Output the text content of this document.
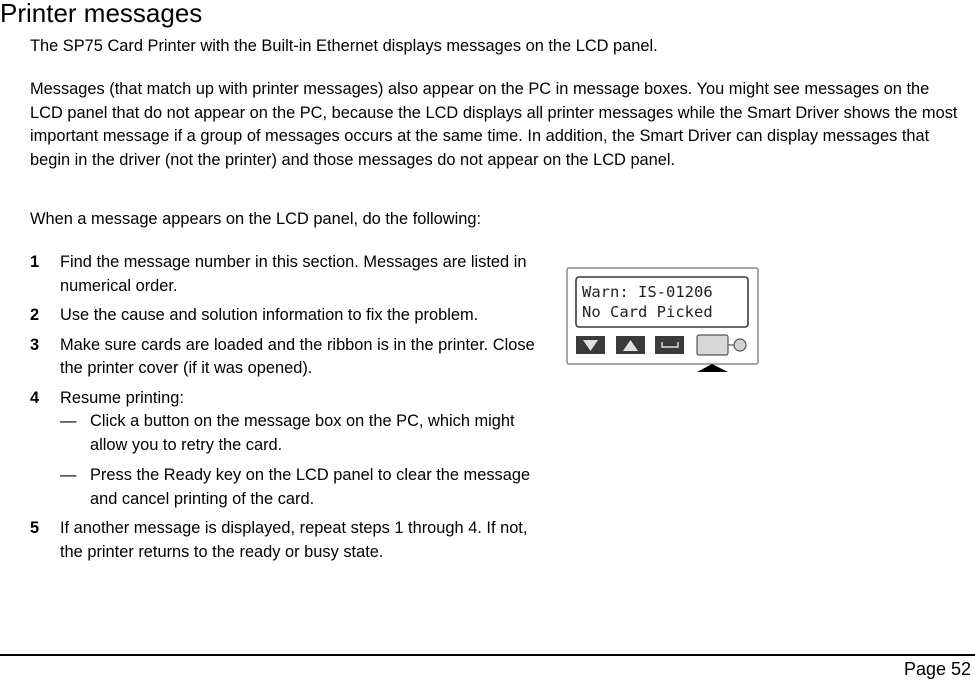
Printer messages

The SP75 Card Printer with the Built-in Ethernet displays messages on the LCD panel.

Messages (that match up with printer messages) also appear on the PC in message boxes. You might see messages on the LCD panel that do not appear on the PC, because the LCD displays all printer messages while the Smart Driver shows the most important message if a group of messages occurs at the same time. In addition, the Smart Driver can display messages that begin in the driver (not the printer) and those messages do not appear on the LCD panel.

When a message appears on the LCD panel, do the following:

1 Find the message number in this section. Messages are listed in numerical order.
2 Use the cause and solution information to fix the problem.
3 Make sure cards are loaded and the ribbon is in the printer. Close the printer cover (if it was opened).
4 Resume printing:
— Click a button on the message box on the PC, which might allow you to retry the card.
— Press the Ready key on the LCD panel to clear the message and cancel printing of the card.
5 If another message is displayed, repeat steps 1 through 4. If not, the printer returns to the ready or busy state.
Warn: IS-01206
No Card Picked
Page 52
